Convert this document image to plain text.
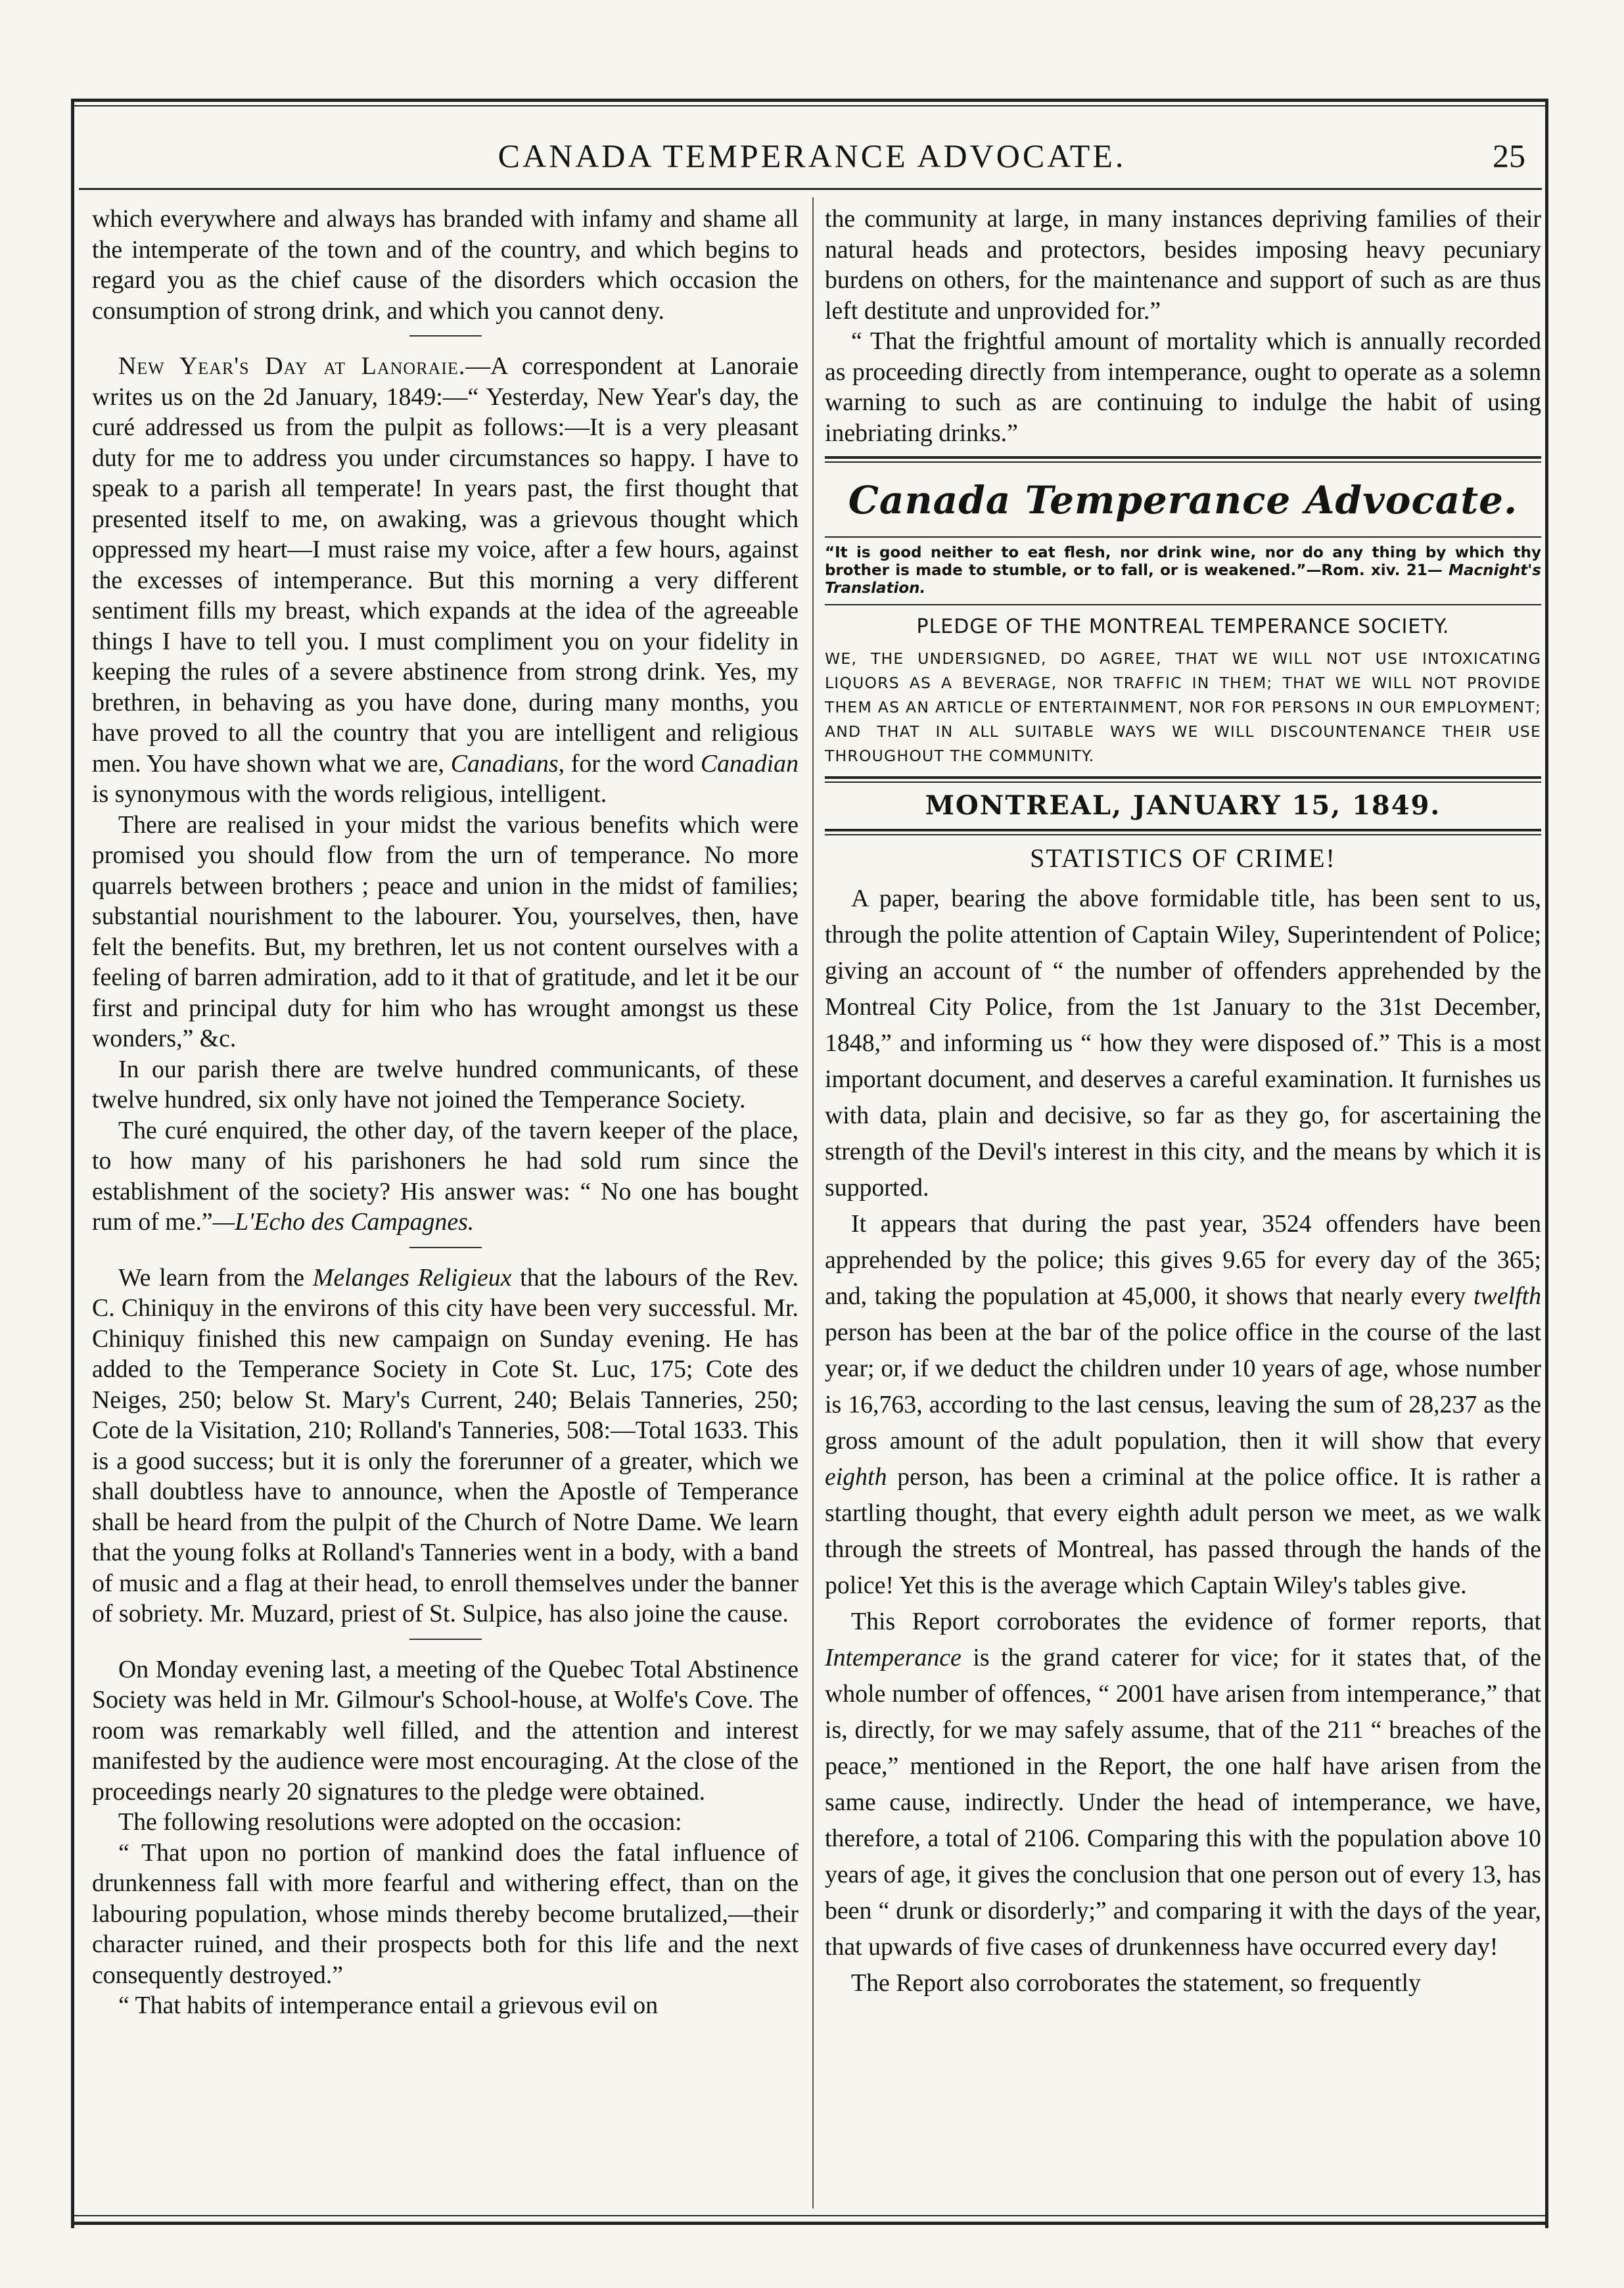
CANADA TEMPERANCE ADVOCATE.	25

which everywhere and always has branded with infamy and shame all the intemperate of the town and of the country, and which begins to regard you as the chief cause of the disorders which occasion the consumption of strong drink, and which you cannot deny.

New Year's Day at Lanoraie.—A correspondent at Lanoraie writes us on the 2d January, 1849:—“ Yesterday, New Year's day, the curé addressed us from the pulpit as follows:—It is a very pleasant duty for me to address you under circumstances so happy. I have to speak to a parish all temperate! In years past, the first thought that presented itself to me, on awaking, was a grievous thought which oppressed my heart—I must raise my voice, after a few hours, against the excesses of intemperance. But this morning a very different sentiment fills my breast, which expands at the idea of the agreeable things I have to tell you. I must compliment you on your fidelity in keeping the rules of a severe abstinence from strong drink. Yes, my brethren, in behaving as you have done, during many months, you have proved to all the country that you are intelligent and religious men. You have shown what we are, Canadians, for the word Canadian is synonymous with the words religious, intelligent.

There are realised in your midst the various benefits which were promised you should flow from the urn of temperance. No more quarrels between brothers ; peace and union in the midst of families; substantial nourishment to the labourer. You, yourselves, then, have felt the benefits. But, my brethren, let us not content ourselves with a feeling of barren admiration, add to it that of gratitude, and let it be our first and principal duty for him who has wrought amongst us these wonders,” &c.

In our parish there are twelve hundred communicants, of these twelve hundred, six only have not joined the Temperance Society.

The curé enquired, the other day, of the tavern keeper of the place, to how many of his parishoners he had sold rum since the establishment of the society? His answer was: “ No one has bought rum of me.”—L'Echo des Campagnes.

We learn from the Melanges Religieux that the labours of the Rev. C. Chiniquy in the environs of this city have been very successful. Mr. Chiniquy finished this new campaign on Sunday evening. He has added to the Temperance Society in Cote St. Luc, 175; Cote des Neiges, 250; below St. Mary's Current, 240; Belais Tanneries, 250; Cote de la Visitation, 210; Rolland's Tanneries, 508:—Total 1633. This is a good success; but it is only the forerunner of a greater, which we shall doubtless have to announce, when the Apostle of Temperance shall be heard from the pulpit of the Church of Notre Dame. We learn that the young folks at Rolland's Tanneries went in a body, with a band of music and a flag at their head, to enroll themselves under the banner of sobriety. Mr. Muzard, priest of St. Sulpice, has also joine the cause.

On Monday evening last, a meeting of the Quebec Total Abstinence Society was held in Mr. Gilmour's School-house, at Wolfe's Cove. The room was remarkably well filled, and the attention and interest manifested by the audience were most encouraging. At the close of the proceedings nearly 20 signatures to the pledge were obtained.

The following resolutions were adopted on the occasion:

“ That upon no portion of mankind does the fatal influence of drunkenness fall with more fearful and withering effect, than on the labouring population, whose minds thereby become brutalized,—their character ruined, and their prospects both for this life and the next consequently destroyed.”

“ That habits of intemperance entail a grievous evil on

the community at large, in many instances depriving families of their natural heads and protectors, besides imposing heavy pecuniary burdens on others, for the maintenance and support of such as are thus left destitute and unprovided for.”

“ That the frightful amount of mortality which is annually recorded as proceeding directly from intemperance, ought to operate as a solemn warning to such as are continuing to indulge the habit of using inebriating drinks.”

Canada Temperance Advocate.
“It is good neither to eat flesh, nor drink wine, nor do any thing by which thy brother is made to stumble, or to fall, or is weakened.”—Rom. xiv. 21— Macnight's Translation.
PLEDGE OF THE MONTREAL TEMPERANCE SOCIETY.
WE, THE UNDERSIGNED, DO AGREE, THAT WE WILL NOT USE INTOXICATING LIQUORS AS A BEVERAGE, NOR TRAFFIC IN THEM; THAT WE WILL NOT PROVIDE THEM AS AN ARTICLE OF ENTERTAINMENT, NOR FOR PERSONS IN OUR EMPLOYMENT; AND THAT IN ALL SUITABLE WAYS WE WILL DISCOUNTENANCE THEIR USE THROUGHOUT THE COMMUNITY.
MONTREAL, JANUARY 15, 1849.
STATISTICS OF CRIME!

A paper, bearing the above formidable title, has been sent to us, through the polite attention of Captain Wiley, Superintendent of Police; giving an account of “ the number of offenders apprehended by the Montreal City Police, from the 1st January to the 31st December, 1848,” and informing us “ how they were disposed of.” This is a most important document, and deserves a careful examination. It furnishes us with data, plain and decisive, so far as they go, for ascertaining the strength of the Devil's interest in this city, and the means by which it is supported.

It appears that during the past year, 3524 offenders have been apprehended by the police; this gives 9.65 for every day of the 365; and, taking the population at 45,000, it shows that nearly every twelfth person has been at the bar of the police office in the course of the last year; or, if we deduct the children under 10 years of age, whose number is 16,763, according to the last census, leaving the sum of 28,237 as the gross amount of the adult population, then it will show that every eighth person, has been a criminal at the police office. It is rather a startling thought, that every eighth adult person we meet, as we walk through the streets of Montreal, has passed through the hands of the police! Yet this is the average which Captain Wiley's tables give.

This Report corroborates the evidence of former reports, that Intemperance is the grand caterer for vice; for it states that, of the whole number of offences, “ 2001 have arisen from intemperance,” that is, directly, for we may safely assume, that of the 211 “ breaches of the peace,” mentioned in the Report, the one half have arisen from the same cause, indirectly. Under the head of intemperance, we have, therefore, a total of 2106. Comparing this with the population above 10 years of age, it gives the conclusion that one person out of every 13, has been “ drunk or disorderly;” and comparing it with the days of the year, that upwards of five cases of drunkenness have occurred every day!

The Report also corroborates the statement, so frequently
